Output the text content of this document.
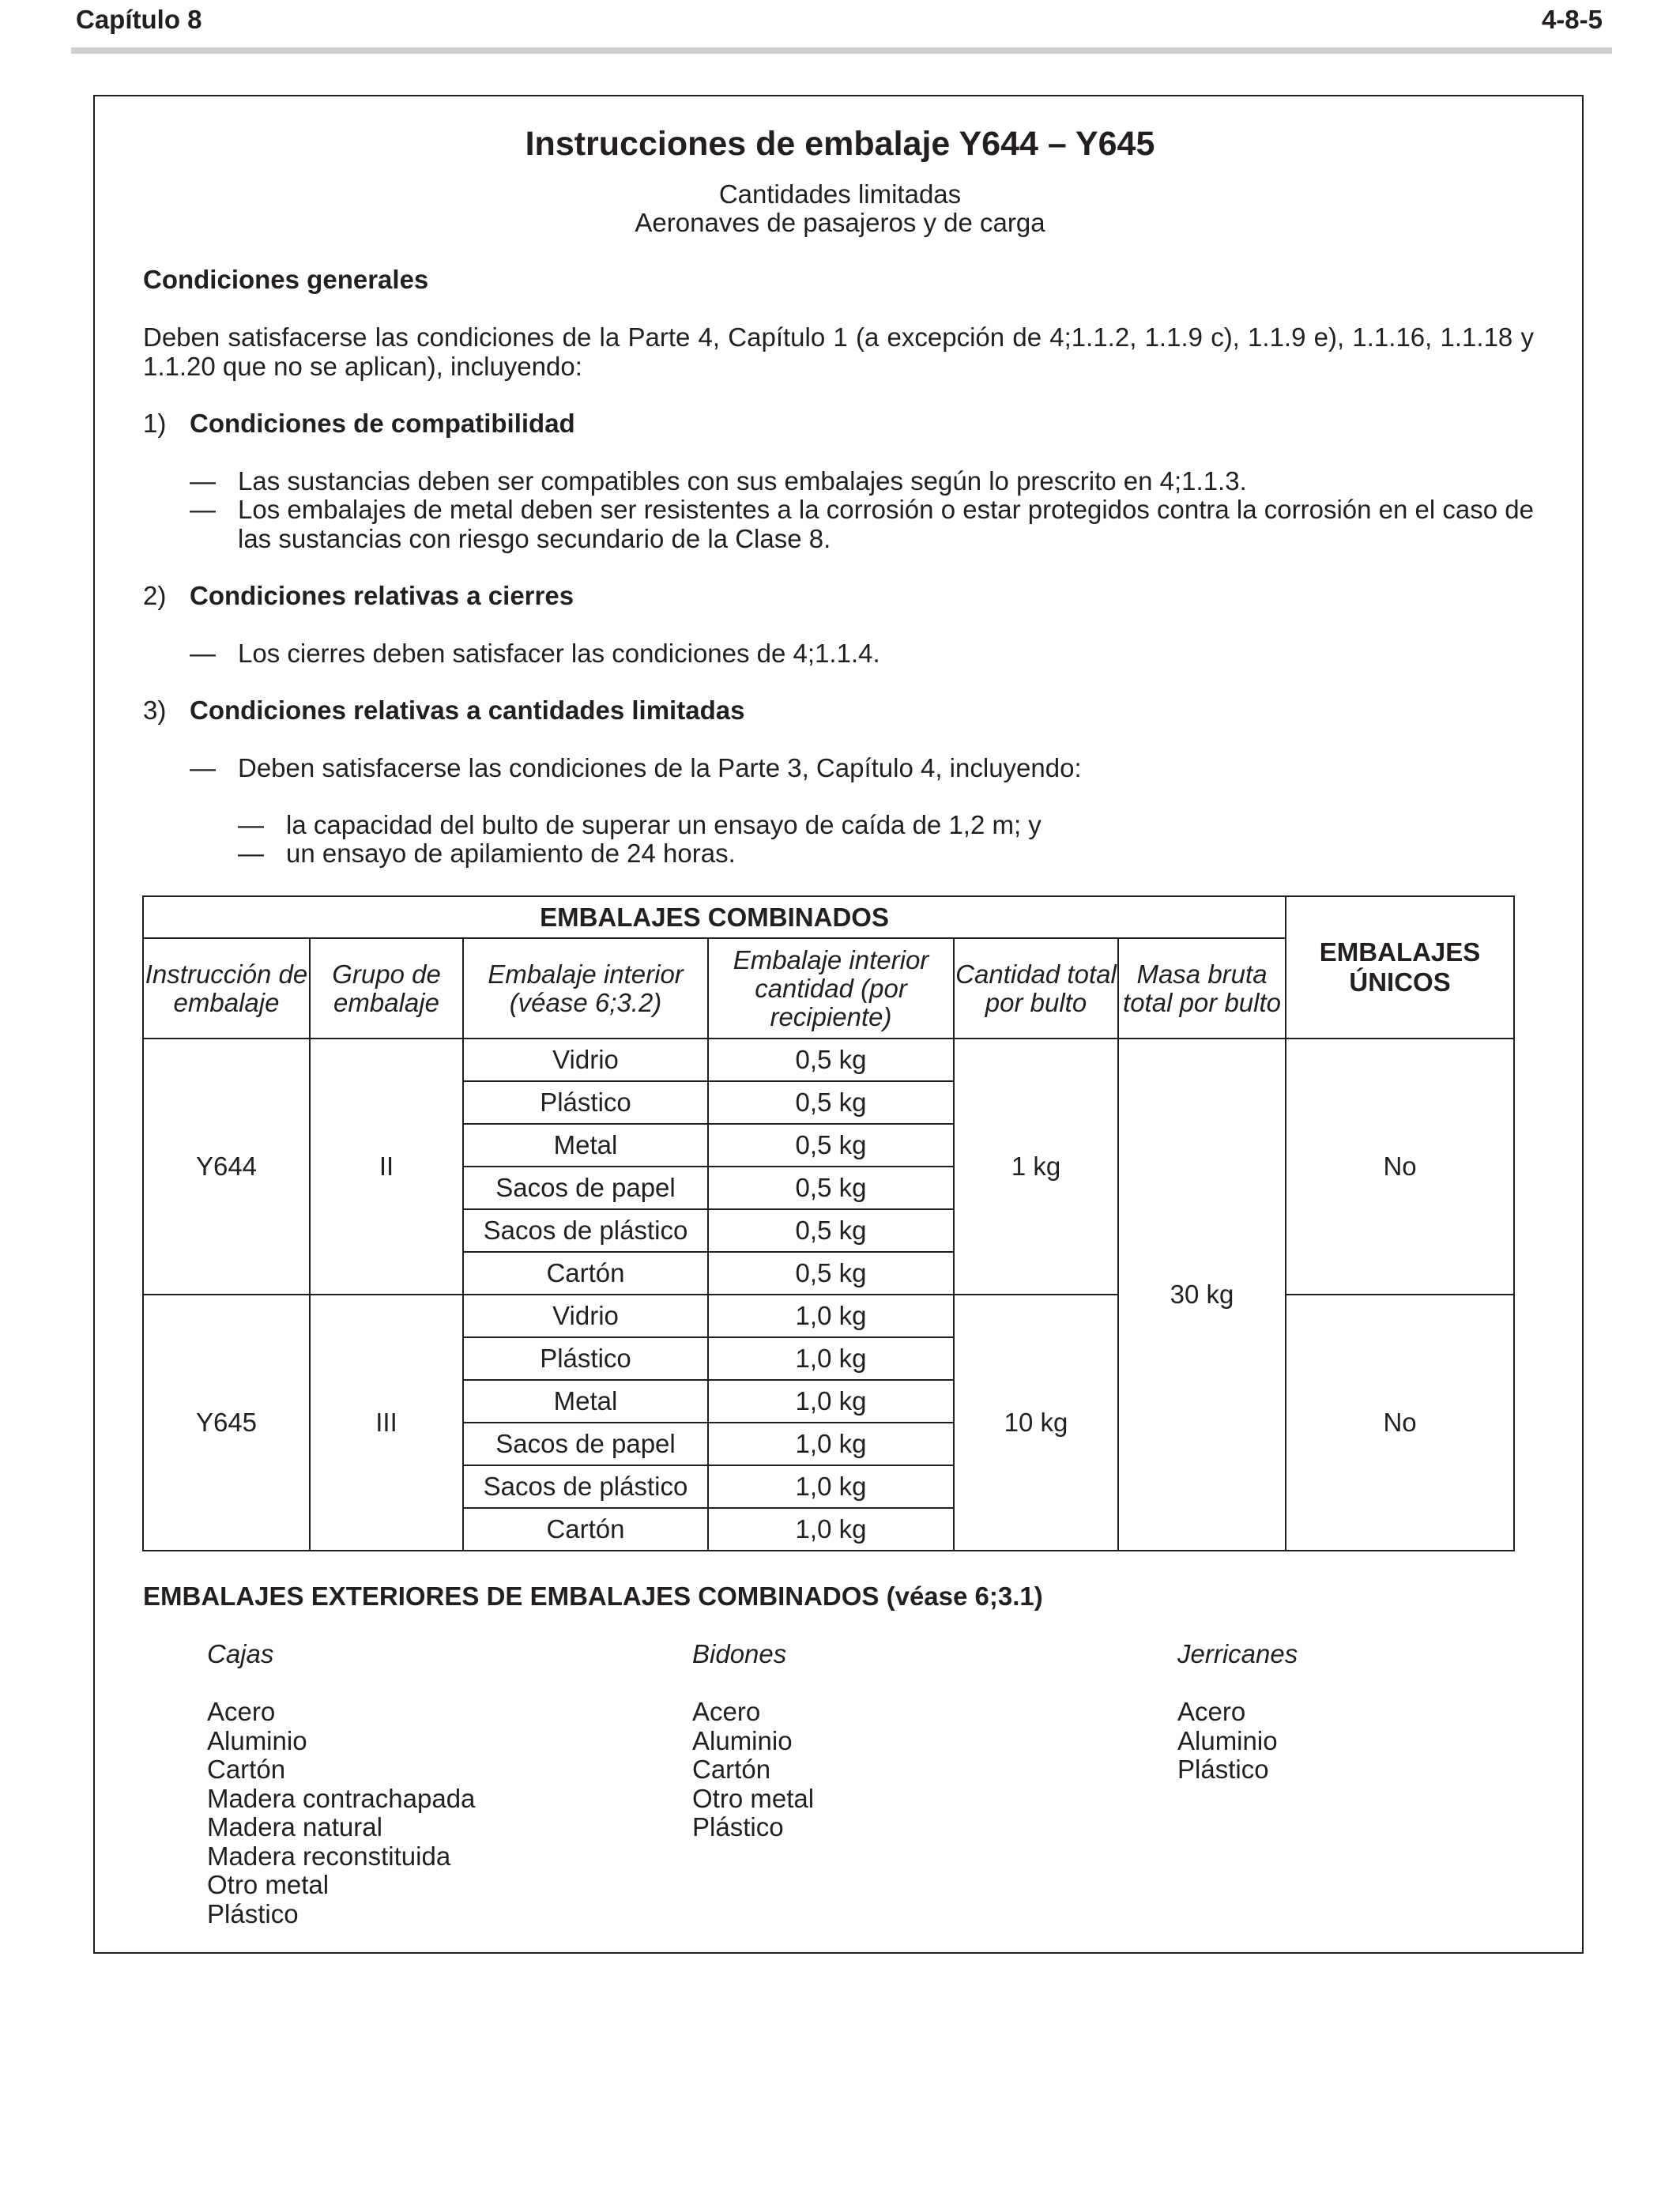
Capítulo 8	4-8-5
Instrucciones de embalaje Y644 – Y645
Cantidades limitadas
Aeronaves de pasajeros y de carga
Condiciones generales
Deben satisfacerse las condiciones de la Parte 4, Capítulo 1 (a excepción de 4;1.1.2, 1.1.9 c), 1.1.9 e), 1.1.16, 1.1.18 y 1.1.20 que no se aplican), incluyendo:
1) Condiciones de compatibilidad
— Las sustancias deben ser compatibles con sus embalajes según lo prescrito en 4;1.1.3.
— Los embalajes de metal deben ser resistentes a la corrosión o estar protegidos contra la corrosión en el caso de las sustancias con riesgo secundario de la Clase 8.
2) Condiciones relativas a cierres
— Los cierres deben satisfacer las condiciones de 4;1.1.4.
3) Condiciones relativas a cantidades limitadas
— Deben satisfacerse las condiciones de la Parte 3, Capítulo 4, incluyendo:
— la capacidad del bulto de superar un ensayo de caída de 1,2 m; y
— un ensayo de apilamiento de 24 horas.
EMBALAJES COMBINADOS						EMBALAJES ÚNICOS
Instrucción de embalaje	Grupo de embalaje	Embalaje interior (véase 6;3.2)	Embalaje interior cantidad (por recipiente)	Cantidad total por bulto	Masa bruta total por bulto	
Y644	II	Vidrio	0,5 kg	1 kg	30 kg	No
		Plástico	0,5 kg			
		Metal	0,5 kg			
		Sacos de papel	0,5 kg			
		Sacos de plástico	0,5 kg			
		Cartón	0,5 kg			
Y645	III	Vidrio	1,0 kg	10 kg		No
		Plástico	1,0 kg			
		Metal	1,0 kg			
		Sacos de papel	1,0 kg			
		Sacos de plástico	1,0 kg			
		Cartón	1,0 kg			
EMBALAJES EXTERIORES DE EMBALAJES COMBINADOS (véase 6;3.1)
Cajas
Acero
Aluminio
Cartón
Madera contrachapada
Madera natural
Madera reconstituida
Otro metal
Plástico
Bidones
Acero
Aluminio
Cartón
Otro metal
Plástico
Jerricanes
Acero
Aluminio
Plástico
